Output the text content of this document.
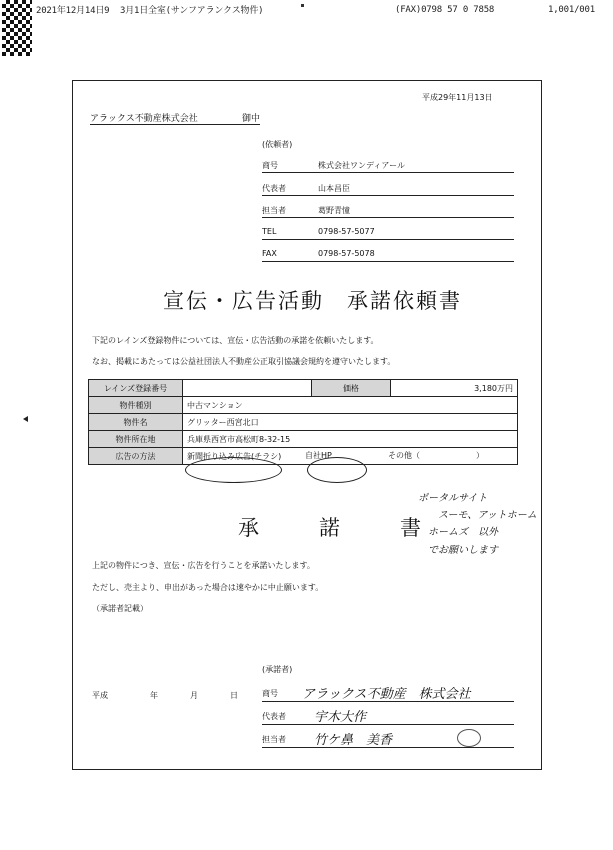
2021年12月14日9 3月1日全室(サンフアランクス物件)	(FAX)0798 57 0 7858	1,001/001
平成29年11月13日
アラックス不動産株式会社	御中
(依頼者)
商号	株式会社ワンディアール
代表者	山本昌臣
担当者	葛野青憧
TEL	0798-57-5077
FAX	0798-57-5078
宣伝・広告活動　承諾依頼書
下記のレインズ登録物件については、宣伝・広告活動の承諾を依頼いたします。
なお、掲載にあたっては公益社団法人不動産公正取引協議会規約を遵守いたします。
レインズ登録番号		価格	3,180万円
物件種別	中古マンション		
物件名	グリッター西宮北口		
物件所在地	兵庫県西宮市高松町8-32-15		
広告の方法	新聞折り込み広告(チラシ) 自社HP その他（　　　　　　　）		
ポータルサイト
スーモ、アットホーム
ホームズ　以外
でお願いします
承　　諾　　書
上記の物件につき、宣伝・広告を行うことを承諾いたします。
ただし、売主より、申出があった場合は速やかに中止願います。
（承諾者記載）
(承諾者)
平成	年	月	日	商号 アラックス不動産　株式会社
代表者 宇木大作
担当者 竹ケ鼻　美香
